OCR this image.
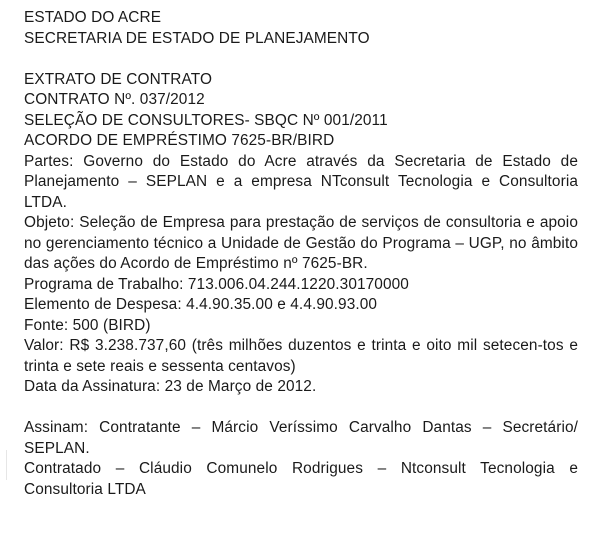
ESTADO DO ACRE

SECRETARIA DE ESTADO DE PLANEJAMENTO

EXTRATO DE CONTRATO

CONTRATO Nº. 037/2012

SELEÇÃO DE CONSULTORES- SBQC Nº 001/2011

ACORDO DE EMPRÉSTIMO 7625-BR/BIRD

Partes: Governo do Estado do Acre através da Secretaria de Estado de Planejamento – SEPLAN e a empresa NTconsult Tecnologia e Consultoria LTDA.

Objeto: Seleção de Empresa para prestação de serviços de consultoria e apoio no gerenciamento técnico a Unidade de Gestão do Programa – UGP, no âmbito das ações do Acordo de Empréstimo nº 7625-BR.

Programa de Trabalho: 713.006.04.244.1220.30170000

Elemento de Despesa: 4.4.90.35.00 e 4.4.90.93.00

Fonte: 500 (BIRD)

Valor: R$ 3.238.737,60 (três milhões duzentos e trinta e oito mil setecen-tos e trinta e sete reais e sessenta centavos)

Data da Assinatura: 23 de Março de 2012.

Assinam: Contratante – Márcio Veríssimo Carvalho Dantas – Secretário/ SEPLAN.

Contratado – Cláudio Comunelo Rodrigues – Ntconsult Tecnologia e Consultoria LTDA
